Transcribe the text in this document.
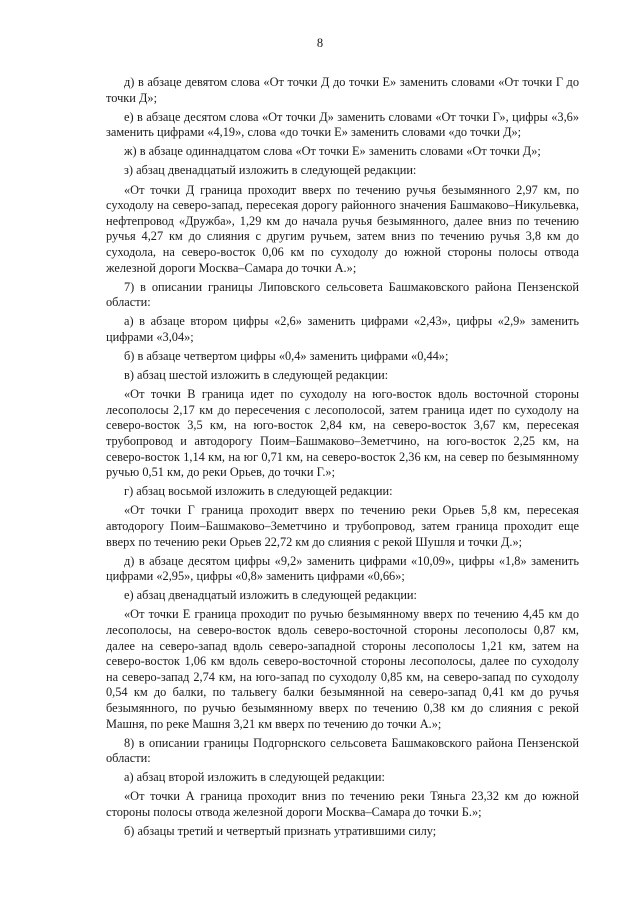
8

д) в абзаце девятом слова «От точки Д до точки Е» заменить словами «От точки Г до точки Д»;

е) в абзаце десятом слова «От точки Д» заменить словами «От точки Г», цифры «3,6» заменить цифрами «4,19», слова «до точки Е» заменить словами «до точки Д»;

ж) в абзаце одиннадцатом слова «От точки Е» заменить словами «От точки Д»;

з) абзац двенадцатый изложить в следующей редакции:

«От точки Д граница проходит вверх по течению ручья безымянного 2,97 км, по суходолу на северо-запад, пересекая дорогу районного значения Башмаково–Никульевка, нефтепровод «Дружба», 1,29 км до начала ручья безымянного, далее вниз по течению ручья 4,27 км до слияния с другим ручьем, затем вниз по течению ручья 3,8 км до суходола, на северо-восток 0,06 км по суходолу до южной стороны полосы отвода железной дороги Москва–Самара до точки А.»;

7) в описании границы Липовского сельсовета Башмаковского района Пензенской области:

а) в абзаце втором цифры «2,6» заменить цифрами «2,43», цифры «2,9» заменить цифрами «3,04»;

б) в абзаце четвертом цифры «0,4» заменить цифрами «0,44»;

в) абзац шестой изложить в следующей редакции:

«От точки В граница идет по суходолу на юго-восток вдоль восточной стороны лесополосы 2,17 км до пересечения с лесополосой, затем граница идет по суходолу на северо-восток 3,5 км, на юго-восток 2,84 км, на северо-восток 3,67 км, пересекая трубопровод и автодорогу Поим–Башмаково–Земетчино, на юго-восток 2,25 км, на северо-восток 1,14 км, на юг 0,71 км, на северо-восток 2,36 км, на север по безымянному ручью 0,51 км, до реки Орьев, до точки Г.»;

г) абзац восьмой изложить в следующей редакции:

«От точки Г граница проходит вверх по течению реки Орьев 5,8 км, пересекая автодорогу Поим–Башмаково–Земетчино и трубопровод, затем граница проходит еще вверх по течению реки Орьев 22,72 км до слияния с рекой Шушля и точки Д.»;

д) в абзаце десятом цифры «9,2» заменить цифрами «10,09», цифры «1,8» заменить цифрами «2,95», цифры «0,8» заменить цифрами «0,66»;

е) абзац двенадцатый изложить в следующей редакции:

«От точки Е граница проходит по ручью безымянному вверх по течению 4,45 км до лесополосы, на северо-восток вдоль северо-восточной стороны лесополосы 0,87 км, далее на северо-запад вдоль северо-западной стороны лесополосы 1,21 км, затем на северо-восток 1,06 км вдоль северо-восточной стороны лесополосы, далее по суходолу на северо-запад 2,74 км, на юго-запад по суходолу 0,85 км, на северо-запад по суходолу 0,54 км до балки, по тальвегу балки безымянной на северо-запад 0,41 км до ручья безымянного, по ручью безымянному вверх по течению 0,38 км до слияния с рекой Машня, по реке Машня 3,21 км вверх по течению до точки А.»;

8) в описании границы Подгорнского сельсовета Башмаковского района Пензенской области:

а) абзац второй изложить в следующей редакции:

«От точки А граница проходит вниз по течению реки Тяньга 23,32 км до южной стороны полосы отвода железной дороги Москва–Самара до точки Б.»;

б) абзацы третий и четвертый признать утратившими силу;
